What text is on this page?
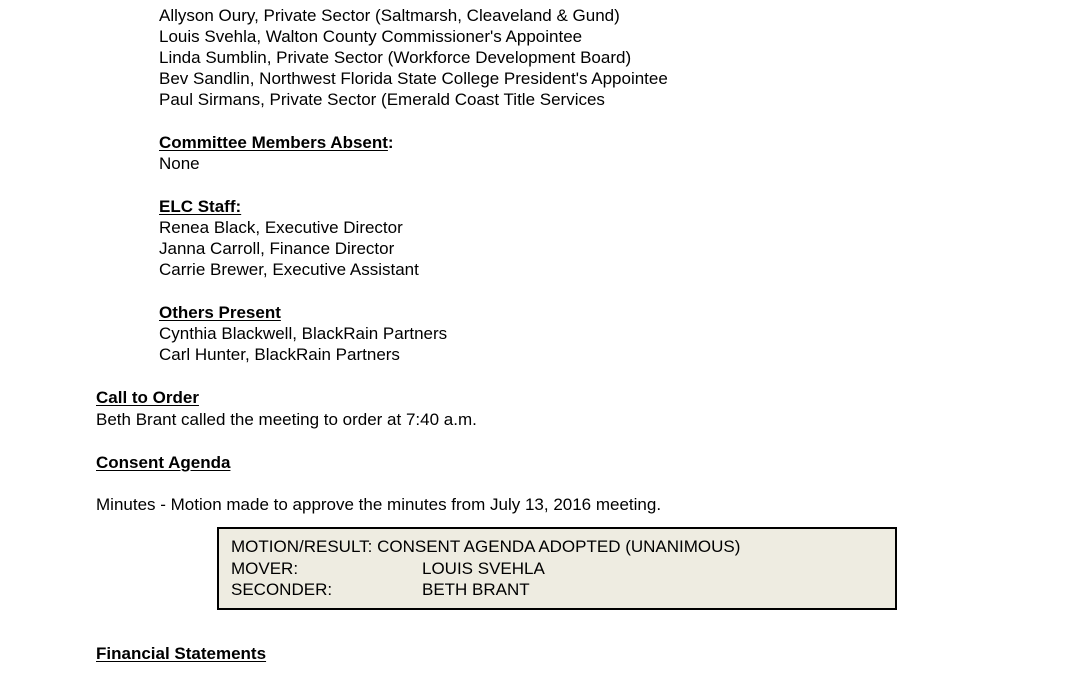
Allyson Oury, Private Sector (Saltmarsh, Cleaveland & Gund)
Louis Svehla, Walton County Commissioner's Appointee
Linda Sumblin, Private Sector (Workforce Development Board)
Bev Sandlin, Northwest Florida State College President's Appointee
Paul Sirmans, Private Sector (Emerald Coast Title Services
Committee Members Absent:
None
ELC Staff:
Renea Black, Executive Director
Janna Carroll, Finance Director
Carrie Brewer, Executive Assistant
Others Present
Cynthia Blackwell, BlackRain Partners
Carl Hunter, BlackRain Partners
Call to Order
Beth Brant called the meeting to order at 7:40 a.m.
Consent Agenda
Minutes - Motion made to approve the minutes from July 13, 2016 meeting.
MOTION/RESULT: CONSENT AGENDA ADOPTED (UNANIMOUS)
MOVER:	LOUIS SVEHLA
SECONDER:	BETH BRANT
Financial Statements
